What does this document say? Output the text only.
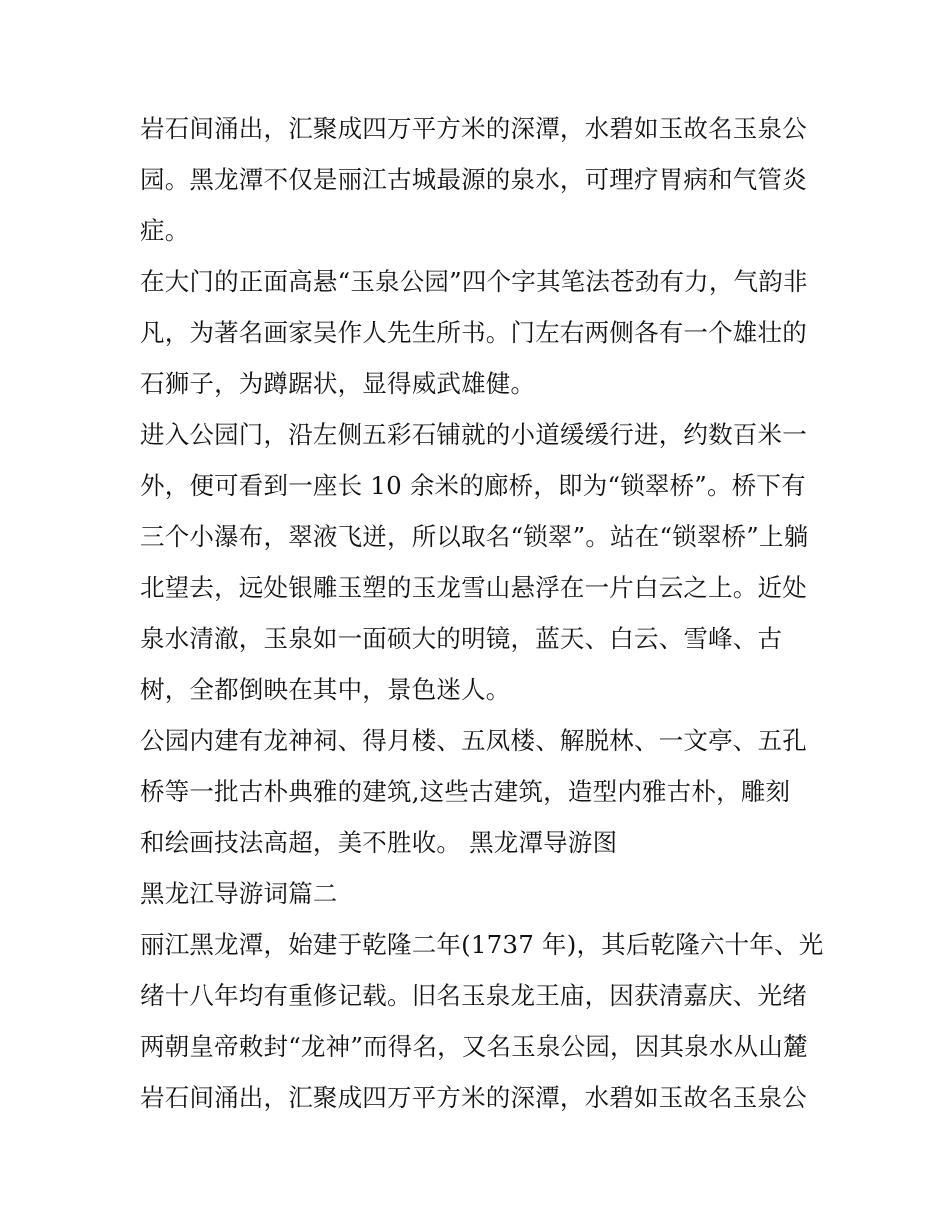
岩石间涌出，汇聚成四万平方米的深潭，水碧如玉故名玉泉公
园。黑龙潭不仅是丽江古城最源的泉水，可理疗胃病和气管炎
症。
在大门的正面高悬“玉泉公园”四个字其笔法苍劲有力，气韵非
凡，为著名画家吴作人先生所书。门左右两侧各有一个雄壮的
石狮子，为蹲踞状，显得威武雄健。
进入公园门，沿左侧五彩石铺就的小道缓缓行进，约数百米一
外，便可看到一座长 10 余米的廊桥，即为“锁翠桥”。桥下有
三个小瀑布，翠液飞迸，所以取名“锁翠”。站在“锁翠桥”上躺
北望去，远处银雕玉塑的玉龙雪山悬浮在一片白云之上。近处
泉水清澈，玉泉如一面硕大的明镜，蓝天、白云、雪峰、古
树，全都倒映在其中，景色迷人。
公园内建有龙神祠、得月楼、五凤楼、解脱林、一文亭、五孔
桥等一批古朴典雅的建筑,这些古建筑，造型内雅古朴，雕刻
和绘画技法高超，美不胜收。 黑龙潭导游图
黑龙江导游词篇二
丽江黑龙潭，始建于乾隆二年(1737 年)，其后乾隆六十年、光
绪十八年均有重修记载。旧名玉泉龙王庙，因获清嘉庆、光绪
两朝皇帝敕封“龙神”而得名，又名玉泉公园，因其泉水从山麓
岩石间涌出，汇聚成四万平方米的深潭，水碧如玉故名玉泉公
